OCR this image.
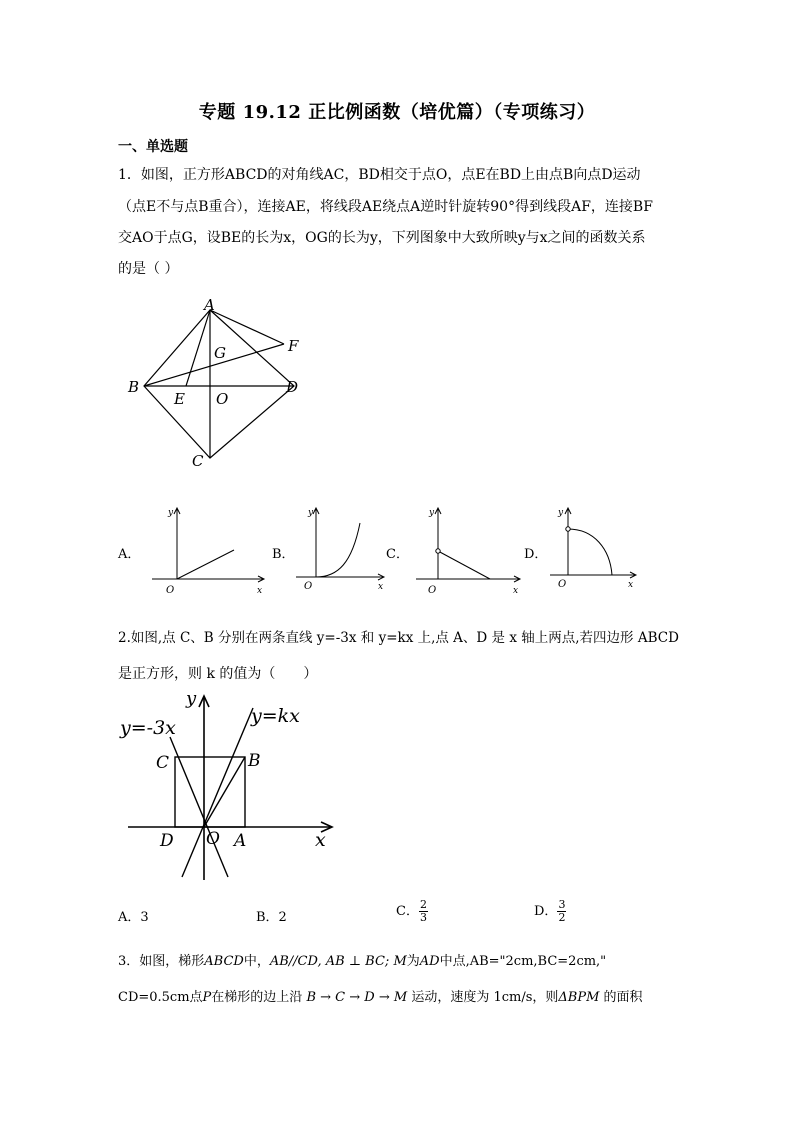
专题 19.12 正比例函数（培优篇）（专项练习）
一、单选题
1．如图，正方形ABCD的对角线AC，BD相交于点O，点E在BD上由点B向点D运动
（点E不与点B重合），连接AE，将线段AE绕点A逆时针旋转90°得到线段AF，连接BF
交AO于点G，设BE的长为x，OG的长为y，下列图象中大致所映y与x之间的函数关系
的是（ ）
A
B
C
D
E
F
G
O
A．
y
x
O
B．
y
x
O
C．
y
x
O
D．
y
x
O
2.如图,点 C、B 分别在两条直线 y=-3x 和 y=kx 上,点 A、D 是 x 轴上两点,若四边形 ABCD
是正方形，则 k 的值为（　　）
y=-3x
y=kx
y
x
C	B
D O A
A．3	B．2	C． $\frac{2}{3}$	D． $\frac{3}{2}$
3．如图，梯形ABCD中，AB//CD, AB ⊥ BC; M为AD中点,AB="2cm,BC=2cm,"
CD=0.5cm点P在梯形的边上沿 B → C → D → M 运动，速度为 1cm/s，则ΔBPM 的面积
